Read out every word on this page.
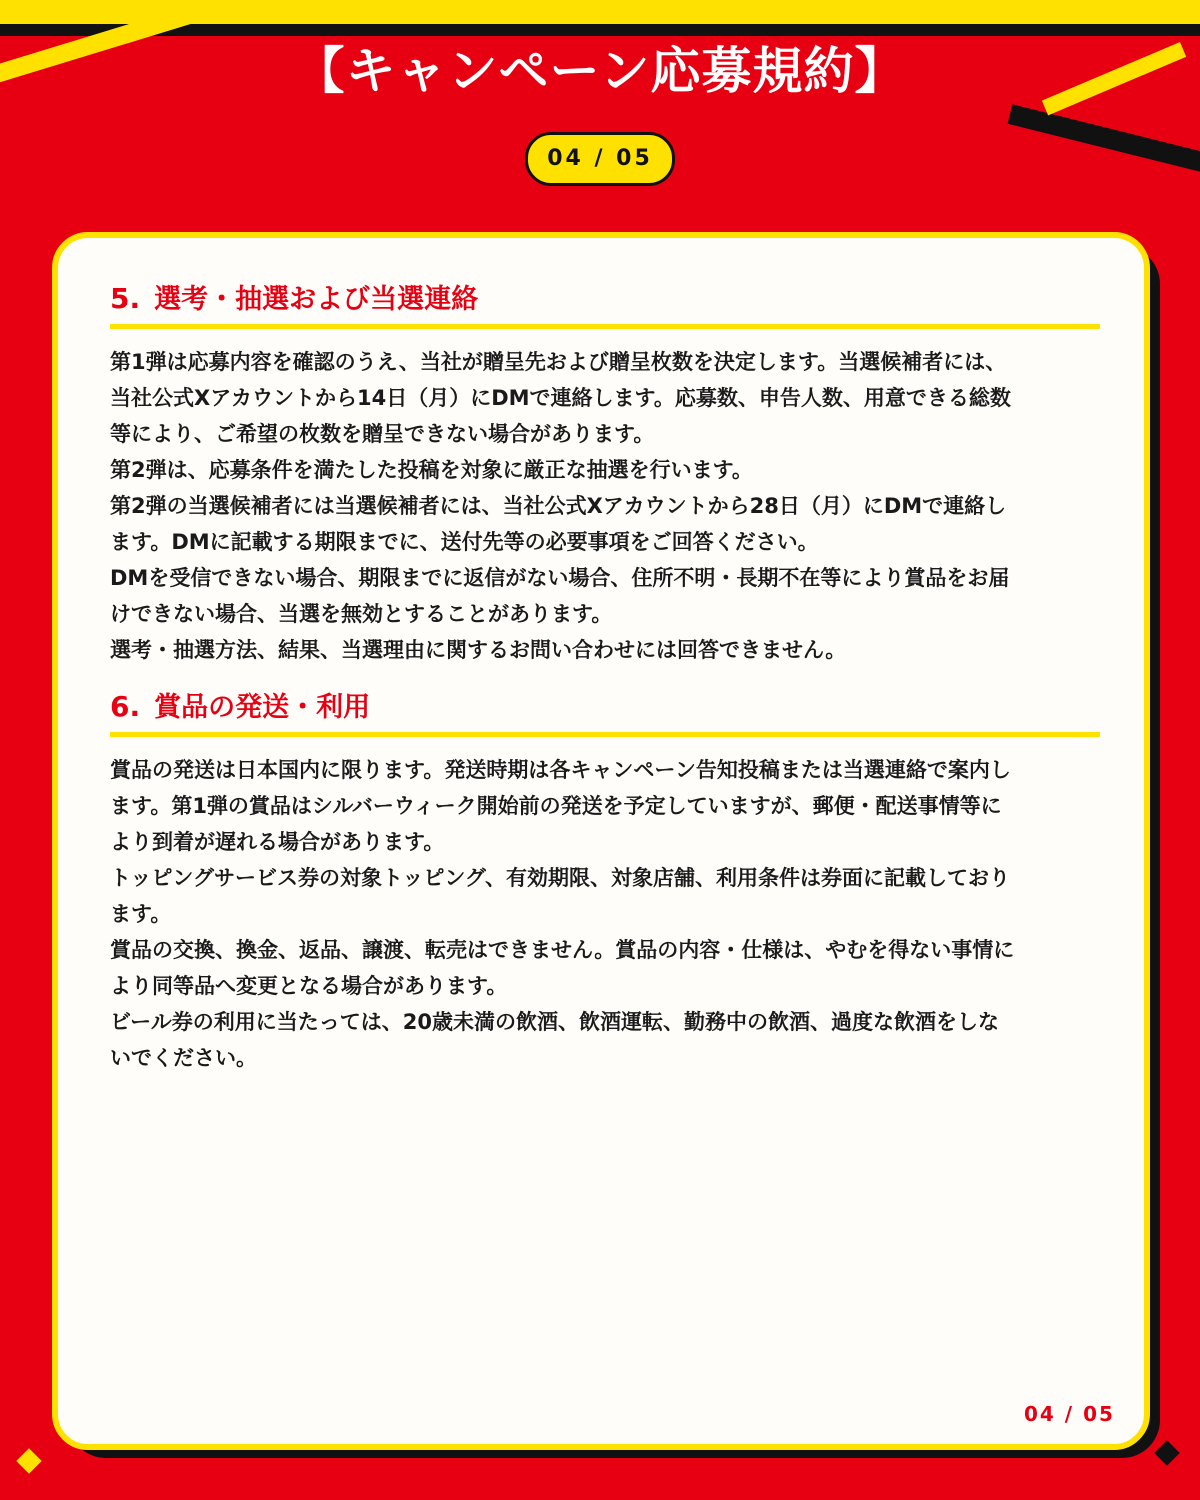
【キャンペーン応募規約】
04 / 05
5. 選考・抽選および当選連絡

第1弾は応募内容を確認のうえ、当社が贈呈先および贈呈枚数を決定します。当選候補者には、

当社公式Xアカウントから14日（月）にDMで連絡します。応募数、申告人数、用意できる総数

等により、ご希望の枚数を贈呈できない場合があります。

第2弾は、応募条件を満たした投稿を対象に厳正な抽選を行います。

第2弾の当選候補者には当選候補者には、当社公式Xアカウントから28日（月）にDMで連絡し

ます。DMに記載する期限までに、送付先等の必要事項をご回答ください。

DMを受信できない場合、期限までに返信がない場合、住所不明・長期不在等により賞品をお届

けできない場合、当選を無効とすることがあります。

選考・抽選方法、結果、当選理由に関するお問い合わせには回答できません。

6. 賞品の発送・利用

賞品の発送は日本国内に限ります。発送時期は各キャンペーン告知投稿または当選連絡で案内し

ます。第1弾の賞品はシルバーウィーク開始前の発送を予定していますが、郵便・配送事情等に

より到着が遅れる場合があります。

トッピングサービス券の対象トッピング、有効期限、対象店舗、利用条件は券面に記載しており

ます。

賞品の交換、換金、返品、譲渡、転売はできません。賞品の内容・仕様は、やむを得ない事情に

より同等品へ変更となる場合があります。

ビール券の利用に当たっては、20歳未満の飲酒、飲酒運転、勤務中の飲酒、過度な飲酒をしな

いでください。

04 / 05
